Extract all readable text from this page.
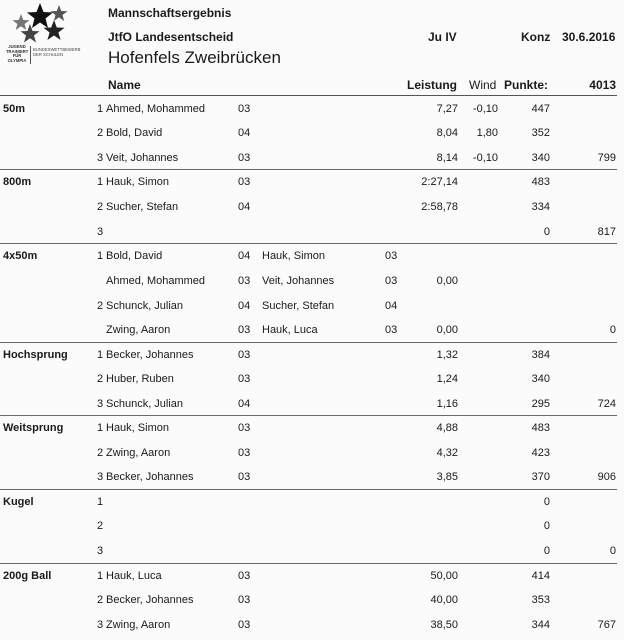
JUGEND
TRAINIERT
FÜR
OLYMPIA
BUNDESWETTBEWERB
DER SCHULEN
Mannschaftsergebnis
JtfO Landesentscheid	Ju IV	Konz 30.6.2016
Hofenfels Zweibrücken
Name	Leistung Wind Punkte:	4013
50m	1 Ahmed, Mohammed	03	7,27	-0,10	447
2 Bold, David	04	8,04	1,80	352
3 Veit, Johannes	03	8,14	-0,10	340	799
800m	1 Hauk, Simon	03	2:27,14	483
2 Sucher, Stefan	04	2:58,78	334
3	0	817
4x50m	1 Bold, David	04 Hauk, Simon	03
Ahmed, Mohammed	03 Veit, Johannes	03	0,00
2 Schunck, Julian	04 Sucher, Stefan	04
Zwing, Aaron	03 Hauk, Luca	03	0,00	0
Hochsprung	1 Becker, Johannes	03	1,32	384
2 Huber, Ruben	03	1,24	340
3 Schunck, Julian	04	1,16	295	724
Weitsprung	1 Hauk, Simon	03	4,88	483
2 Zwing, Aaron	03	4,32	423
3 Becker, Johannes	03	3,85	370	906
Kugel	1	0
2	0
3	0	0
200g Ball	1 Hauk, Luca	03	50,00	414
2 Becker, Johannes	03	40,00	353
3 Zwing, Aaron	03	38,50	344	767
